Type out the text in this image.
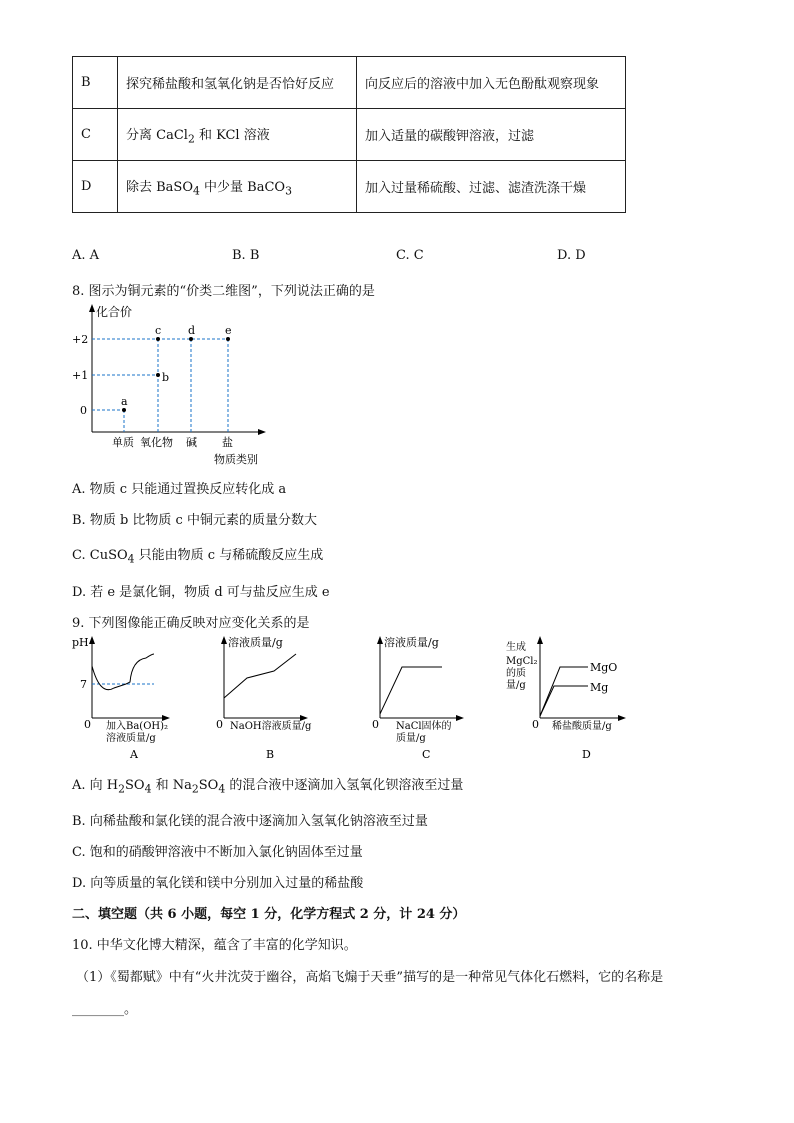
B	探究稀盐酸和氢氧化钠是否恰好反应	向反应后的溶液中加入无色酚酞观察现象
C	分离 CaCl$_2$ 和 KCl 溶液	加入适量的碳酸钾溶液，过滤
D	除去 BaSO$_4$ 中少量 BaCO$_3$	加入过量稀硫酸、过滤、滤渣洗涤干燥
A. A	B. B	C. C	D. D
8. 图示为铜元素的“价类二维图”，下列说法正确的是
化合价
+2
+1
0
a
b
c d	e
单质 氧化物 碱 盐
物质类别
A. 物质 c 只能通过置换反应转化成 a
B. 物质 b 比物质 c 中铜元素的质量分数大
C. CuSO$_4$ 只能由物质 c 与稀硫酸反应生成
D. 若 e 是氯化铜，物质 d 可与盐反应生成 e
9. 下列图像能正确反映对应变化关系的是
pH
7
0 加入Ba(OH)₂
溶液质量/g
A
溶液质量/g
0 NaOH溶液质量/g
B
溶液质量/g
0 NaCl固体的
质量/g
C
生成
MgCl₂
的质
量/g
0
MgO
Mg
稀盐酸质量/g
D
A. 向 $H_2SO_4$ 和 $Na_2SO_4$ 的混合液中逐滴加入氢氧化钡溶液至过量
B. 向稀盐酸和氯化镁的混合液中逐滴加入氢氧化钠溶液至过量
C. 饱和的硝酸钾溶液中不断加入氯化钠固体至过量
D. 向等质量的氧化镁和镁中分别加入过量的稀盐酸
二、填空题（共 6 小题，每空 1 分，化学方程式 2 分，计 24 分）
10. 中华文化博大精深，蕴含了丰富的化学知识。
（1）《蜀都赋》中有“火井沈荧于幽谷，高焰飞煽于天垂”描写的是一种常见气体化石燃料，它的名称是
________。
